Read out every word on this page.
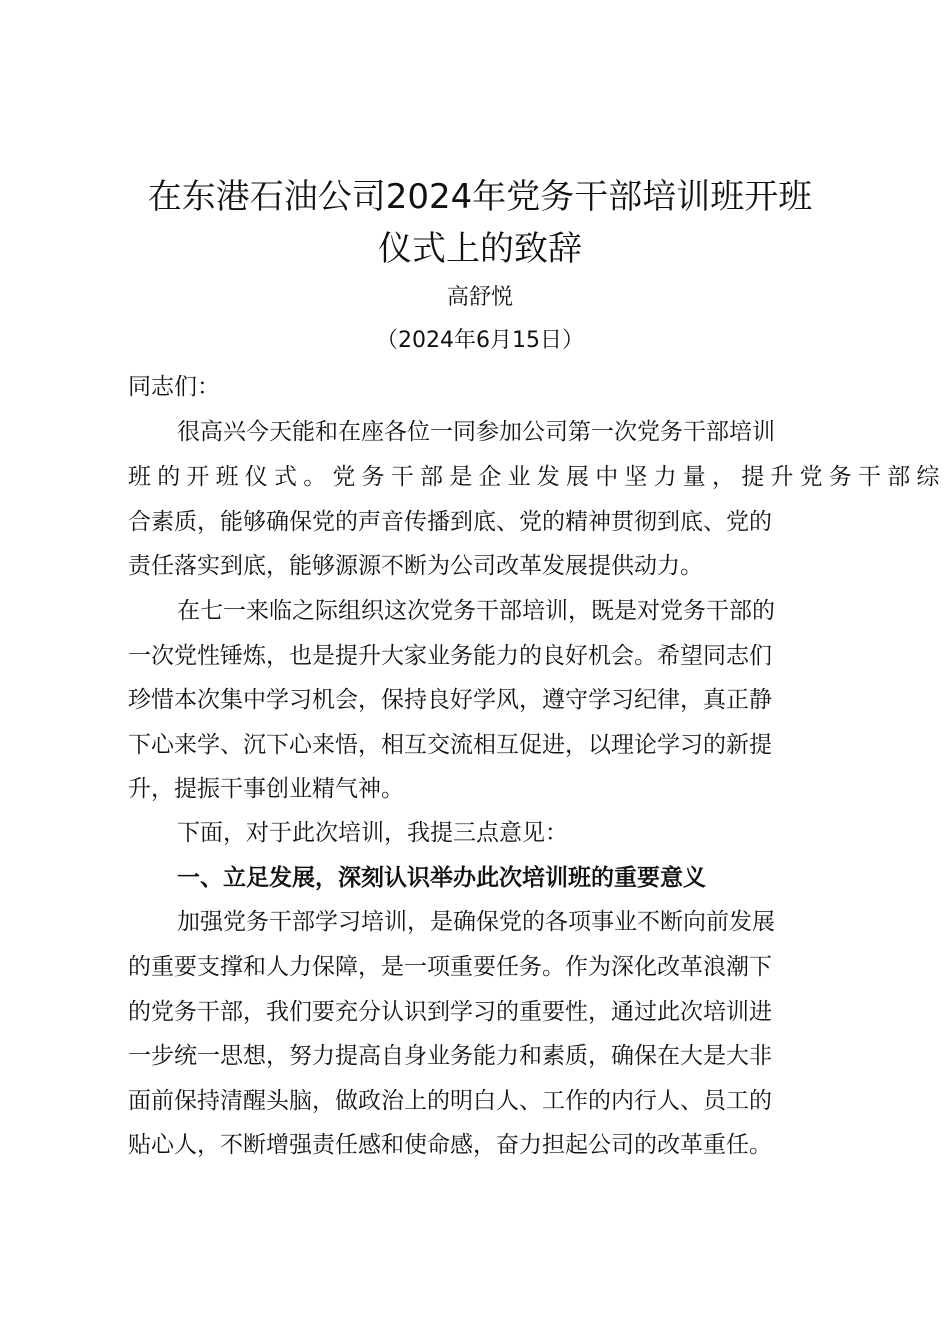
在东港石油公司2024年党务干部培训班开班
仪式上的致辞
高舒悦
（2024年6月15日）
同志们：
很高兴今天能和在座各位一同参加公司第一次党务干部培训
班的开班仪式。党务干部是企业发展中坚力量，提升党务干部综
合素质，能够确保党的声音传播到底、党的精神贯彻到底、党的
责任落实到底，能够源源不断为公司改革发展提供动力。
在七一来临之际组织这次党务干部培训，既是对党务干部的
一次党性锤炼，也是提升大家业务能力的良好机会。希望同志们
珍惜本次集中学习机会，保持良好学风，遵守学习纪律，真正静
下心来学、沉下心来悟，相互交流相互促进，以理论学习的新提
升，提振干事创业精气神。
下面，对于此次培训，我提三点意见：
一、立足发展，深刻认识举办此次培训班的重要意义
加强党务干部学习培训，是确保党的各项事业不断向前发展
的重要支撑和人力保障，是一项重要任务。作为深化改革浪潮下
的党务干部，我们要充分认识到学习的重要性，通过此次培训进
一步统一思想，努力提高自身业务能力和素质，确保在大是大非
面前保持清醒头脑，做政治上的明白人、工作的内行人、员工的
贴心人，不断增强责任感和使命感，奋力担起公司的改革重任。
